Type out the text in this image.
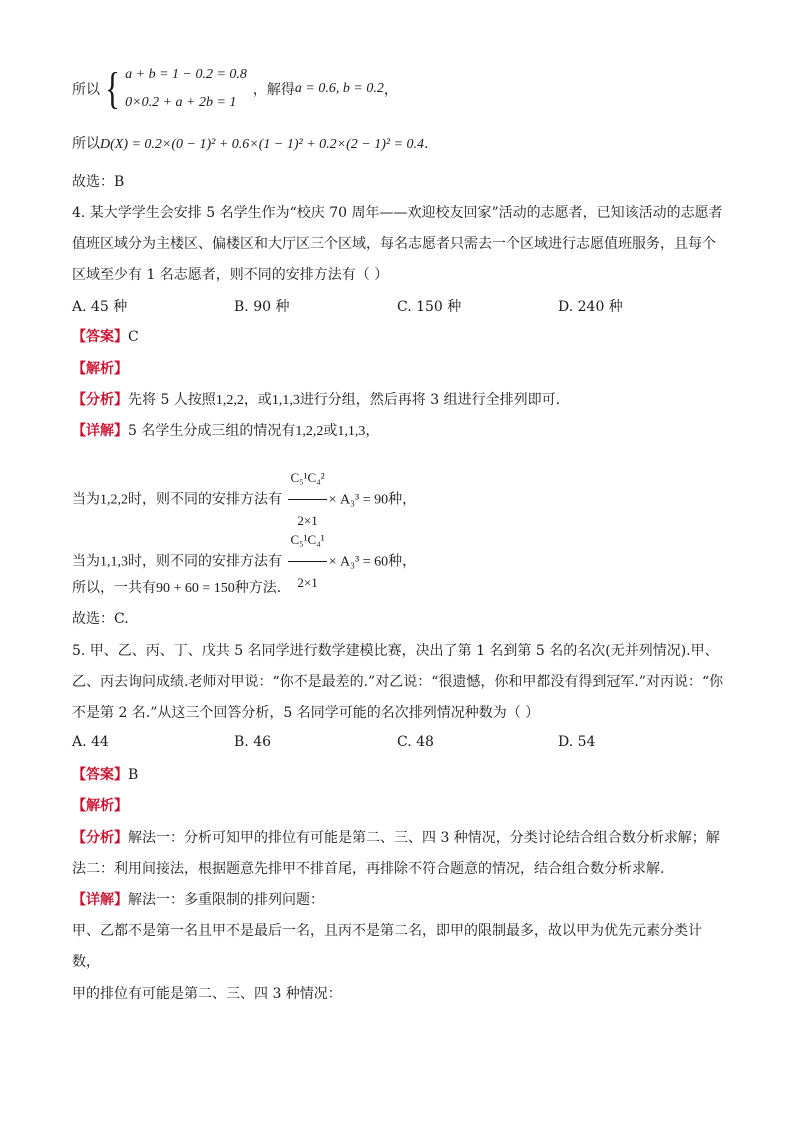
所以 { a + b = 1 − 0.2 = 0.8
0×0.2 + a + 2b = 1
，解得 a = 0.6, b = 0.2 ，
所以D(X) = 0.2×(0 − 1)² + 0.6×(1 − 1)² + 0.2×(2 − 1)² = 0.4.
故选：B
4. 某大学学生会安排 5 名学生作为“校庆 70 周年——欢迎校友回家”活动的志愿者，已知该活动的志愿者
值班区域分为主楼区、偏楼区和大厅区三个区域，每名志愿者只需去一个区域进行志愿值班服务，且每个
区域至少有 1 名志愿者，则不同的安排方法有（ ）
A. 45 种	B. 90 种	C. 150 种	D. 240 种
【答案】C
【解析】
【分析】先将 5 人按照1,2,2，或1,1,3进行分组，然后再将 3 组进行全排列即可.
【详解】5 名学生分成三组的情况有1,2,2或1,1,3，
当为1,2,2时，则不同的安排方法有 $\frac{\text{C₅¹C₄²}}{2\times 1} \times A_3^3 = 90$种，
当为1,1,3时，则不同的安排方法有 $\frac{\text{C₅¹C₄¹}}{2\times 1} \times A_3^3 = 60$种，
所以，一共有90 + 60 = 150种方法.
故选：C.
5. 甲、乙、丙、丁、戊共 5 名同学进行数学建模比赛，决出了第 1 名到第 5 名的名次(无并列情况).甲、
乙、丙去询问成绩.老师对甲说：“你不是最差的.”对乙说：“很遗憾，你和甲都没有得到冠军.”对丙说：“你
不是第 2 名.”从这三个回答分析，5 名同学可能的名次排列情况种数为（ ）
A. 44	B. 46	C. 48	D. 54
【答案】B
【解析】
【分析】解法一：分析可知甲的排位有可能是第二、三、四 3 种情况，分类讨论结合组合数分析求解；解
法二：利用间接法，根据题意先排甲不排首尾，再排除不符合题意的情况，结合组合数分析求解.
【详解】解法一：多重限制的排列问题：
甲、乙都不是第一名且甲不是最后一名，且丙不是第二名，即甲的限制最多，故以甲为优先元素分类计
数，
甲的排位有可能是第二、三、四 3 种情况：
